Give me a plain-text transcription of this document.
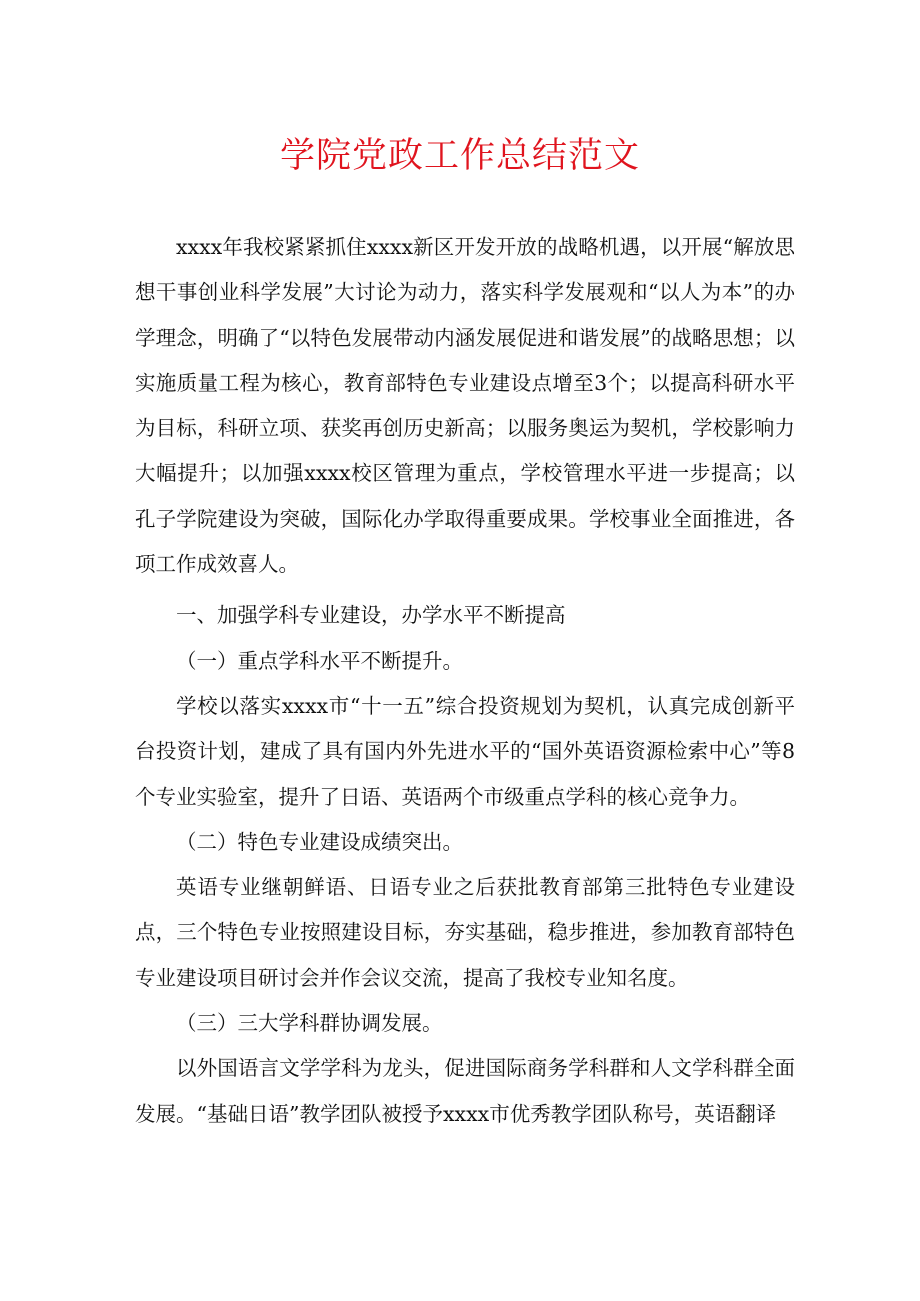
学院党政工作总结范文

xxxx年我校紧紧抓住xxxx新区开发开放的战略机遇，以开展“解放思想干事创业科学发展”大讨论为动力，落实科学发展观和“以人为本”的办学理念，明确了“以特色发展带动内涵发展促进和谐发展”的战略思想；以实施质量工程为核心，教育部特色专业建设点增至3个；以提高科研水平为目标，科研立项、获奖再创历史新高；以服务奥运为契机，学校影响力大幅提升；以加强xxxx校区管理为重点，学校管理水平进一步提高；以孔子学院建设为突破，国际化办学取得重要成果。学校事业全面推进，各项工作成效喜人。

一、加强学科专业建设，办学水平不断提高

（一）重点学科水平不断提升。

学校以落实xxxx市“十一五”综合投资规划为契机，认真完成创新平台投资计划，建成了具有国内外先进水平的“国外英语资源检索中心”等8个专业实验室，提升了日语、英语两个市级重点学科的核心竞争力。

（二）特色专业建设成绩突出。

英语专业继朝鲜语、日语专业之后获批教育部第三批特色专业建设点，三个特色专业按照建设目标，夯实基础，稳步推进，参加教育部特色专业建设项目研讨会并作会议交流，提高了我校专业知名度。

（三）三大学科群协调发展。

以外国语言文学学科为龙头，促进国际商务学科群和人文学科群全面发展。“基础日语”教学团队被授予xxxx市优秀教学团队称号，英语翻译
